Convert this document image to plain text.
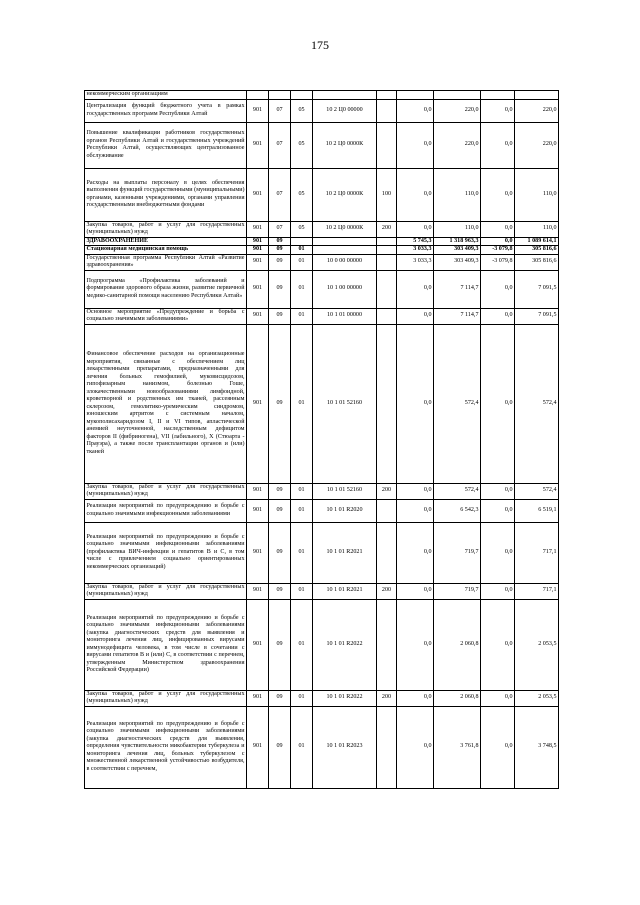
175
некоммерческим организациям									
Централизация функций бюджетного учета в рамках государственных программ Республики Алтай	901	07	05	10 2 Ц0 00000		0,0	220,0	0,0	220,0
Повышение квалификации работников государственных органов Республики Алтай и государственных учреждений Республики Алтай, осуществляющих централизованное обслуживание	901	07	05	10 2 Ц0 0000К		0,0	220,0	0,0	220,0
Расходы на выплаты персоналу в целях обеспечения выполнения функций государственными (муниципальными) органами, казенными учреждениями, органами управления государственными внебюджетными фондами	901	07	05	10 2 Ц0 0000К	100	0,0	110,0	0,0	110,0
Закупка товаров, работ и услуг для государственных (муниципальных) нужд	901	07	05	10 2 Ц0 0000К	200	0,0	110,0	0,0	110,0
ЗДРАВООХРАНЕНИЕ	901	09				5 745,3	1 318 963,3	0,0	1 089 614,1
Стационарная медицинская помощь	901	09	01			3 033,3	303 409,3	-3 079,8	305 816,6
Государственная программа Республики Алтай «Развитие здравоохранения»	901	09	01	10 0 00 00000		3 033,3	303 409,3	-3 079,8	305 816,6
Подпрограмма «Профилактика заболеваний и формирование здорового образа жизни, развитие первичной медико-санитарной помощи населению Республики Алтай»	901	09	01	10 1 00 00000		0,0	7 114,7	0,0	7 091,5
Основное мероприятие «Предупреждение и борьба с социально значимыми заболеваниями»	901	09	01	10 1 01 00000		0,0	7 114,7	0,0	7 091,5
Финансовое обеспечение расходов на организационные мероприятия, связанные с обеспечением лиц лекарственными препаратами, предназначенными для лечения больных гемофилией, муковисцидозом, гипофизарным нанизмом, болезнью Гоше, злокачественными новообразованиями лимфоидной, кроветворной и родственных им тканей, рассеянным склерозом, гемолитико-уремическим синдромом, юношеским артритом с системным началом, мукополисахаридозом I, II и VI типов, апластической анемией неуточненной, наследственным дефицитом факторов II (фибриногена), VII (лабильного), X (Стюарта - Прауэра), а также после трансплантации органов и (или) тканей	901	09	01	10 1 01 52160		0,0	572,4	0,0	572,4
Закупка товаров, работ и услуг для государственных (муниципальных) нужд	901	09	01	10 1 01 52160	200	0,0	572,4	0,0	572,4
Реализация мероприятий по предупреждению и борьбе с социально значимыми инфекционными заболеваниями	901	09	01	10 1 01 R2020		0,0	6 542,3	0,0	6 519,1
Реализация мероприятий по предупреждению и борьбе с социально значимыми инфекционными заболеваниями (профилактика ВИЧ-инфекции и гепатитов B и C, в том числе с привлечением социально ориентированных некоммерческих организаций)	901	09	01	10 1 01 R2021		0,0	719,7	0,0	717,1
Закупка товаров, работ и услуг для государственных (муниципальных) нужд	901	09	01	10 1 01 R2021	200	0,0	719,7	0,0	717,1
Реализация мероприятий по предупреждению и борьбе с социально значимыми инфекционными заболеваниями (закупка диагностических средств для выявления и мониторинга лечения лиц, инфицированных вирусами иммунодефицита человека, в том числе в сочетании с вирусами гепатитов B и (или) C, в соответствии с перечнем, утвержденным Министерством здравоохранения Российской Федерации)	901	09	01	10 1 01 R2022		0,0	2 060,8	0,0	2 053,5
Закупка товаров, работ и услуг для государственных (муниципальных) нужд	901	09	01	10 1 01 R2022	200	0,0	2 060,8	0,0	2 053,5
Реализация мероприятий по предупреждению и борьбе с социально значимыми инфекционными заболеваниями (закупка диагностических средств для выявления, определения чувствительности микобактерии туберкулеза и мониторинга лечения лиц, больных туберкулезом с множественной лекарственной устойчивостью возбудителя, в соответствии с перечнем,	901	09	01	10 1 01 R2023		0,0	3 761,8	0,0	3 748,5
